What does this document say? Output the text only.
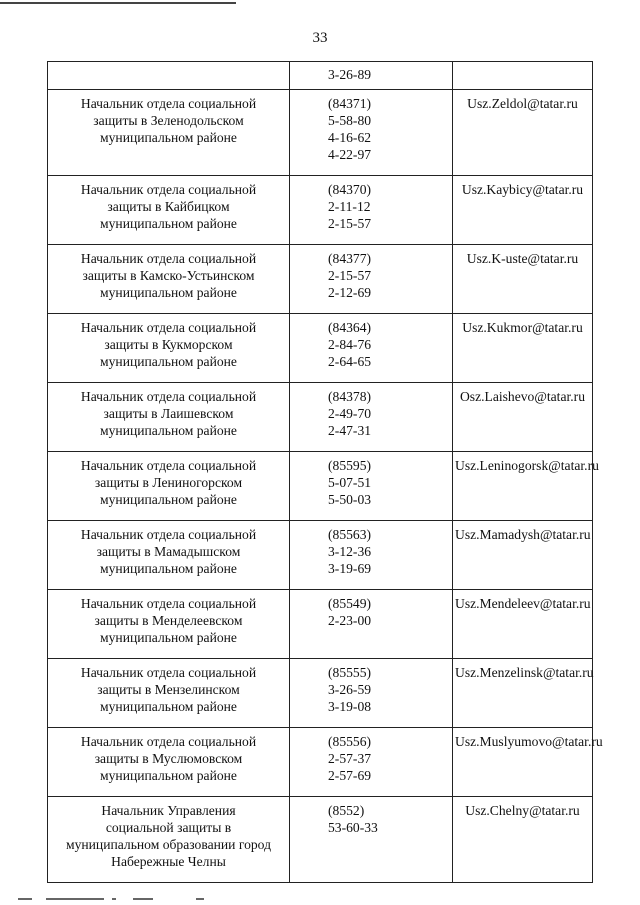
33

	3-26-89	

Начальник отдела социальной
защиты в Зеленодольском
муниципальном районе	(84371)
5-58-80
4-16-62
4-22-97	Usz.Zeldol@tatar.ru

Начальник отдела социальной
защиты в Кайбицком
муниципальном районе	(84370)
2-11-12
2-15-57	Usz.Kaybicy@tatar.ru

Начальник отдела социальной
защиты в Камско-Устьинском
муниципальном районе	(84377)
2-15-57
2-12-69	Usz.K-uste@tatar.ru

Начальник отдела социальной
защиты в Кукморском
муниципальном районе	(84364)
2-84-76
2-64-65	Usz.Kukmor@tatar.ru

Начальник отдела социальной
защиты в Лаишевском
муниципальном районе	(84378)
2-49-70
2-47-31	Osz.Laishevo@tatar.ru

Начальник отдела социальной
защиты в Лениногорском
муниципальном районе	(85595)
5-07-51
5-50-03	Usz.Leninogorsk@tatar.ru

Начальник отдела социальной
защиты в Мамадышском
муниципальном районе	(85563)
3-12-36
3-19-69	Usz.Mamadysh@tatar.ru

Начальник отдела социальной
защиты в Менделеевском
муниципальном районе	(85549)
2-23-00	Usz.Mendeleev@tatar.ru

Начальник отдела социальной
защиты в Мензелинском
муниципальном районе	(85555)
3-26-59
3-19-08	Usz.Menzelinsk@tatar.ru

Начальник отдела социальной
защиты в Муслюмовском
муниципальном районе	(85556)
2-57-37
2-57-69	Usz.Muslyumovo@tatar.ru

Начальник Управления
социальной защиты в
муниципальном образовании город
Набережные Челны	(8552)
53-60-33	Usz.Chelny@tatar.ru
